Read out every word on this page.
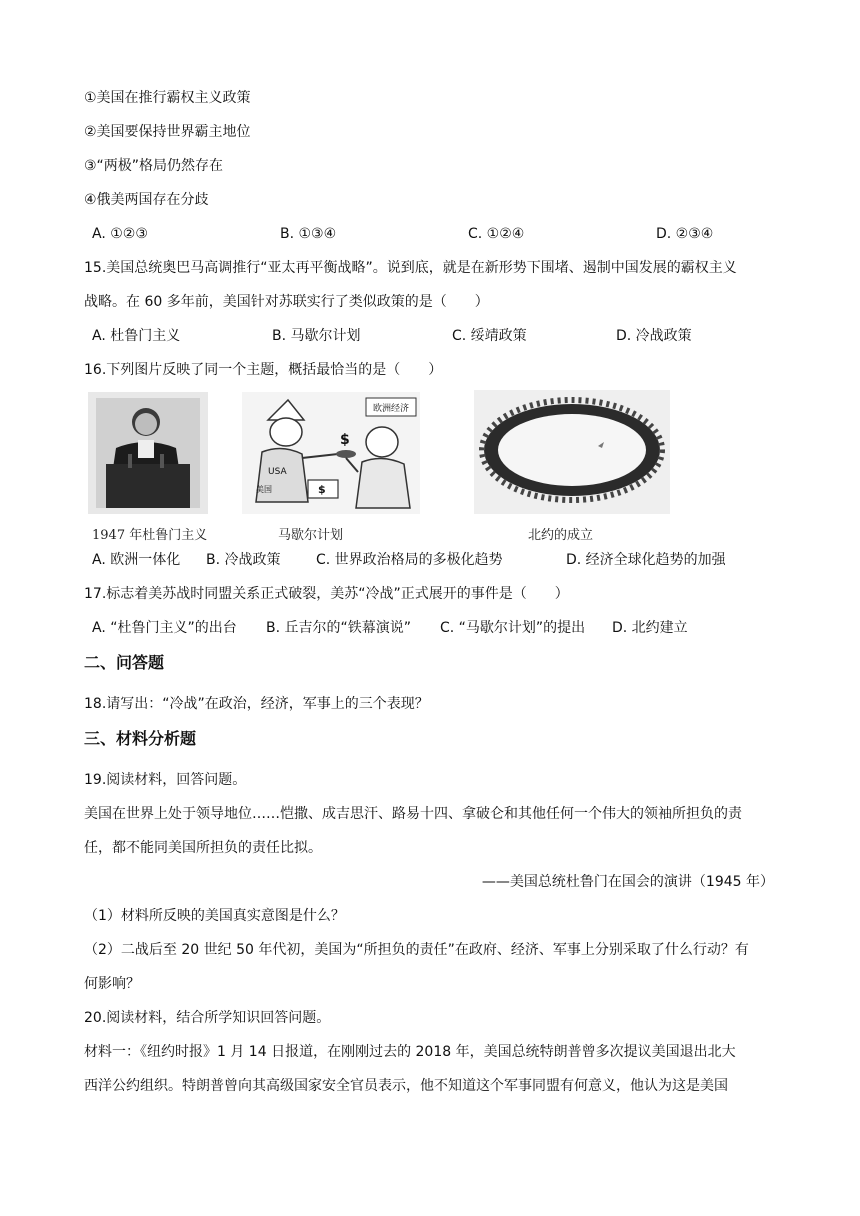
①美国在推行霸权主义政策
②美国要保持世界霸主地位
③“两极”格局仍然存在
④俄美两国存在分歧
A. ①②③	B. ①③④	C. ①②④	D. ②③④
15.美国总统奥巴马高调推行“亚太再平衡战略”。说到底，就是在新形势下围堵、遏制中国发展的霸权主义
战略。在 60 多年前，美国针对苏联实行了类似政策的是（　　）
A. 杜鲁门主义	B. 马歇尔计划	C. 绥靖政策	D. 冷战政策
16.下列图片反映了同一个主题，概括最恰当的是（　　）
1947 年杜鲁门主义
欧洲经济
USA
美国
$
$
马歇尔计划	北约的成立
A. 欧洲一体化 B. 冷战政策	C. 世界政治格局的多极化趋势	D. 经济全球化趋势的加强
17.标志着美苏战时同盟关系正式破裂，美苏“冷战”正式展开的事件是（　　）
A. “杜鲁门主义”的出台 B. 丘吉尔的“铁幕演说” C. “马歇尔计划”的提出 D. 北约建立
二、问答题
18.请写出：“冷战”在政治，经济，军事上的三个表现？
三、材料分析题
19.阅读材料，回答问题。
美国在世界上处于领导地位……恺撒、成吉思汗、路易十四、拿破仑和其他任何一个伟大的领袖所担负的责
任，都不能同美国所担负的责任比拟。
——美国总统杜鲁门在国会的演讲（1945 年）
（1）材料所反映的美国真实意图是什么？
（2）二战后至 20 世纪 50 年代初，美国为“所担负的责任”在政府、经济、军事上分别采取了什么行动？有
何影响？
20.阅读材料，结合所学知识回答问题。
材料一：《纽约时报》1 月 14 日报道，在刚刚过去的 2018 年，美国总统特朗普曾多次提议美国退出北大
西洋公约组织。特朗普曾向其高级国家安全官员表示，他不知道这个军事同盟有何意义，他认为这是美国
